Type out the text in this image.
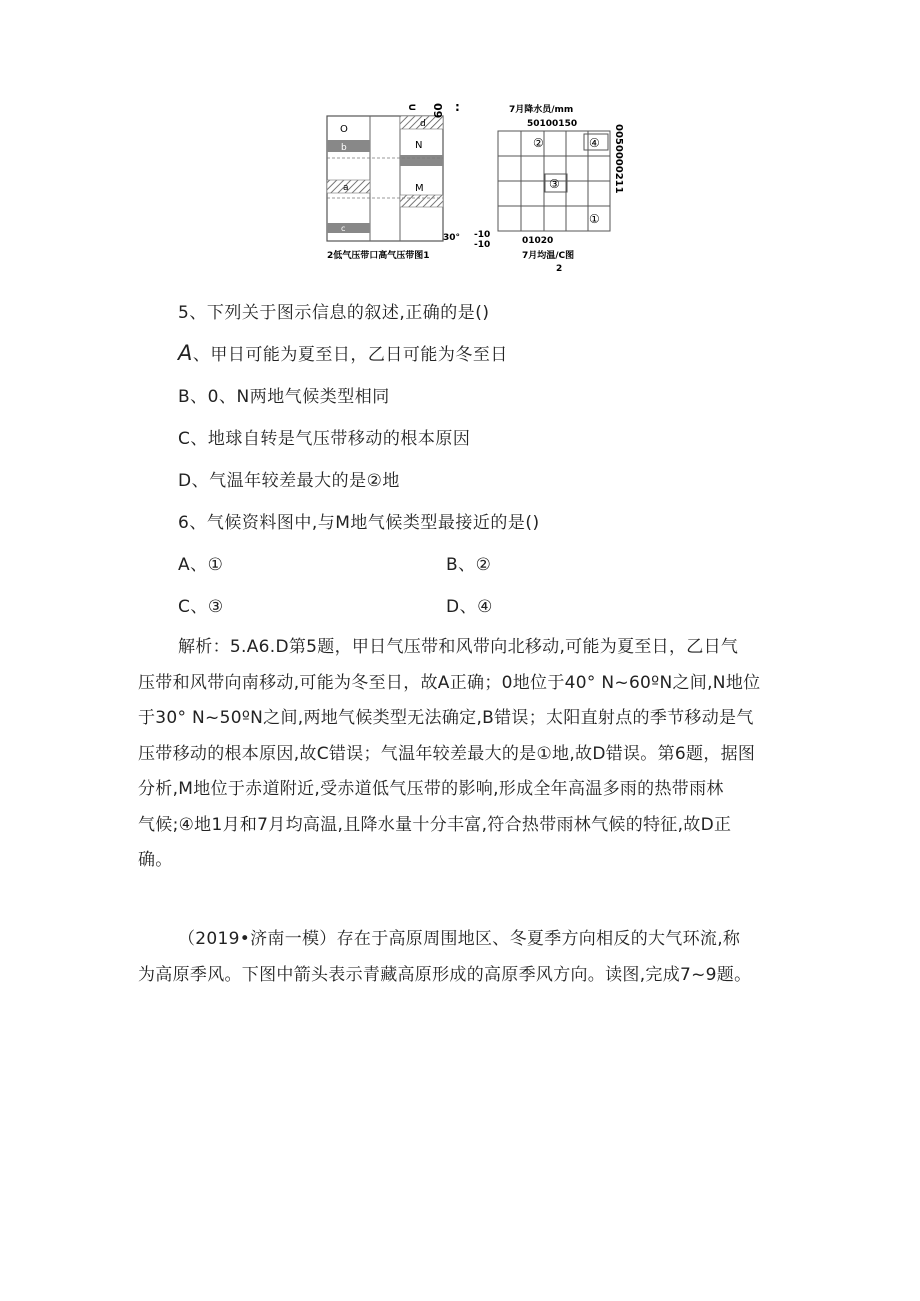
O
b
a
c
d
N
M
∪ 09 :
30°
2低气压带口高气压带图1
7月降水员/mm
50100150
②	④
③
①
0050000211
-10
-10	01020
7月均温/C图
2
5、下列关于图示信息的叙述,正确的是()
A、甲日可能为夏至日，乙日可能为冬至日
B、0、N两地气候类型相同
C、地球自转是气压带移动的根本原因
D、气温年较差最大的是②地
6、气候资料图中,与M地气候类型最接近的是()
A、①	B、②
C、③	D、④

解析：5.A6.D第5题，甲日气压带和风带向北移动,可能为夏至日，乙日气

压带和风带向南移动,可能为冬至日，故A正确；0地位于40° N~60ºN之间,N地位

于30° N~50ºN之间,两地气候类型无法确定,B错误；太阳直射点的季节移动是气

压带移动的根本原因,故C错误；气温年较差最大的是①地,故D错误。第6题，据图

分析,M地位于赤道附近,受赤道低气压带的影响,形成全年高温多雨的热带雨林

气候;④地1月和7月均高温,且降水量十分丰富,符合热带雨林气候的特征,故D正

确。

（2019•济南一模）存在于高原周围地区、冬夏季方向相反的大气环流,称

为高原季风。下图中箭头表示青藏高原形成的高原季风方向。读图,完成7~9题。
